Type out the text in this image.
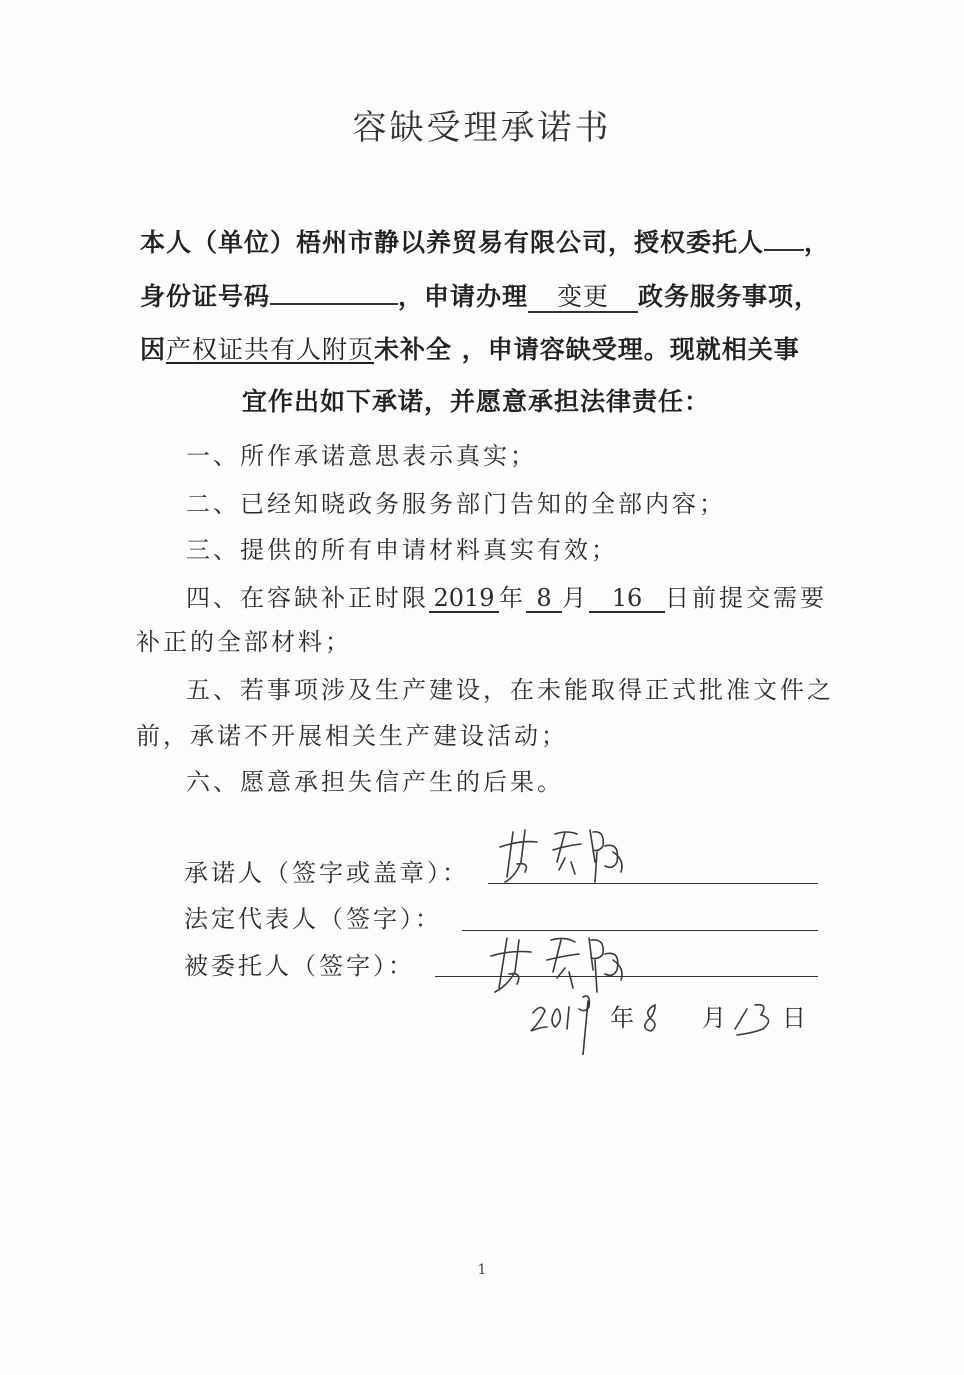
容缺受理承诺书
本人（单位）梧州市静以养贸易有限公司，授权委托人 ，
身份证号码	，申请办理 变更 政务服务事项，
因产权证共有人附页未补全 ，申请容缺受理。现就相关事
宜作出如下承诺，并愿意承担法律责任：
一、所作承诺意思表示真实；
二、已经知晓政务服务部门告知的全部内容；
三、提供的所有申请材料真实有效；
四、在容缺补正时限 2019 年 8 月 16 日前提交需要
补正的全部材料；
五、若事项涉及生产建设，在未能取得正式批准文件之
前，承诺不开展相关生产建设活动；
六、愿意承担失信产生的后果。
承诺人（签字或盖章）：
法定代表人（签字）：
被委托人（签字）：
年	月 日
1
